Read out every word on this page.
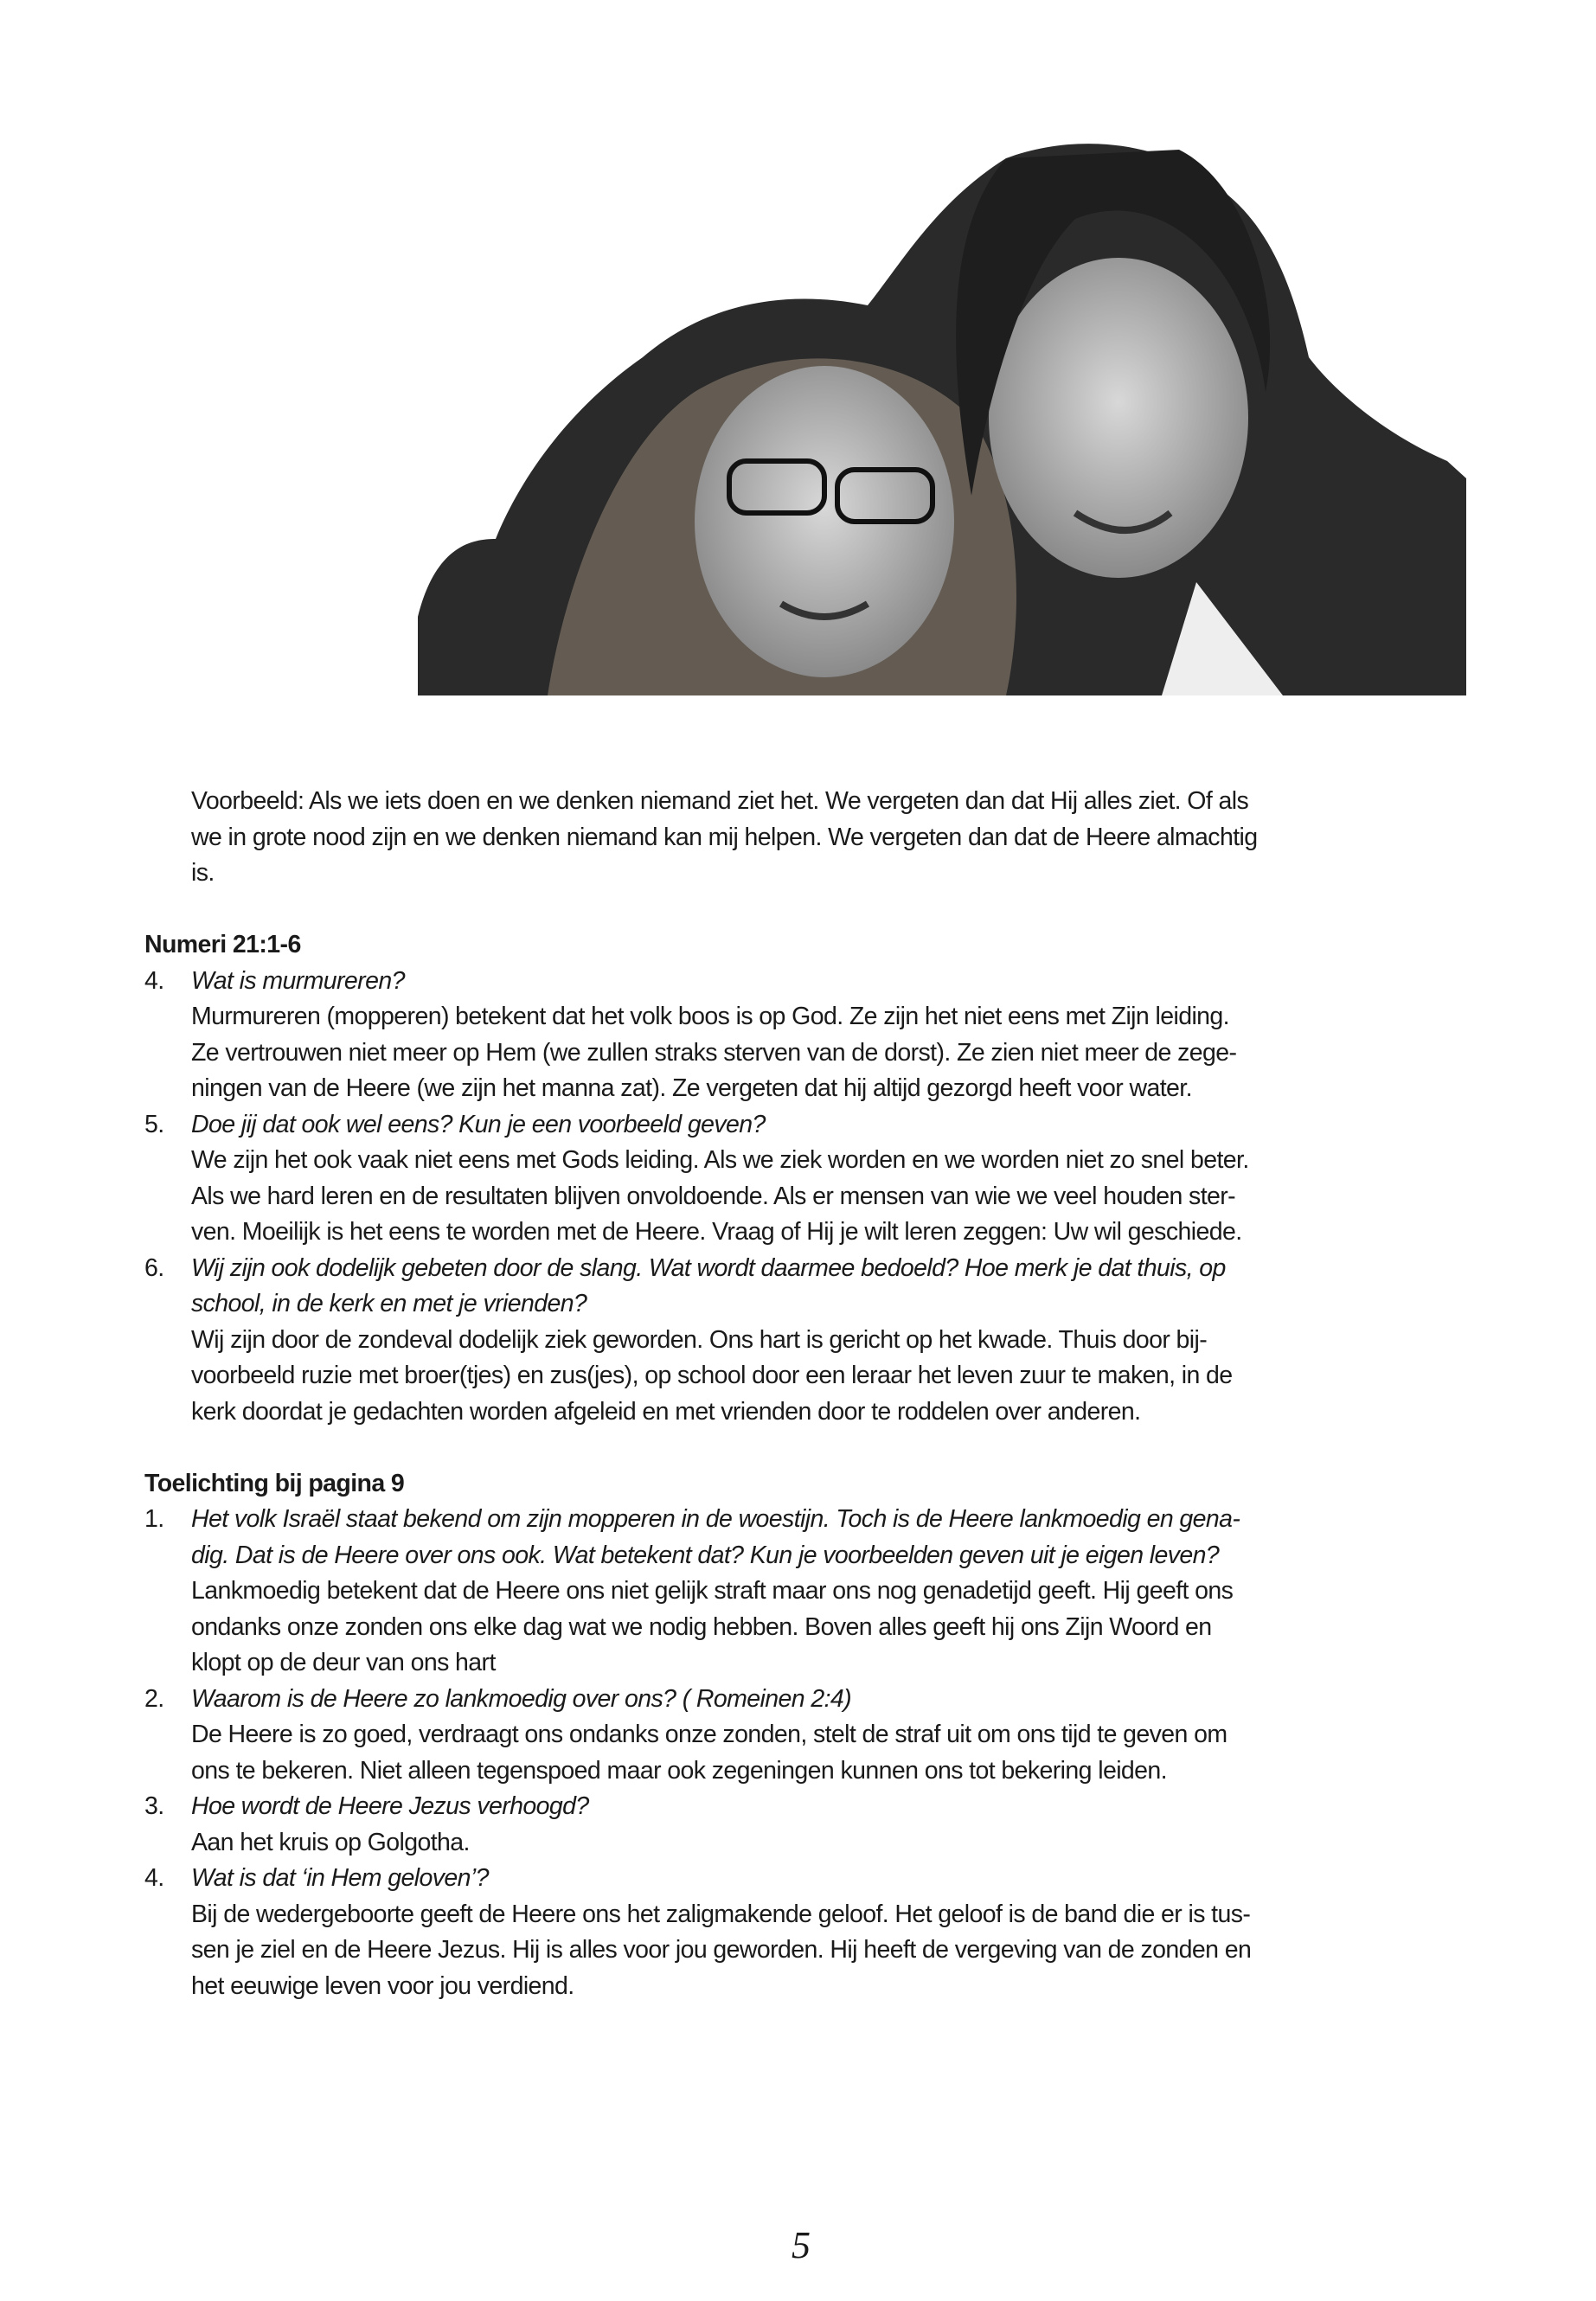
Voorbeeld: Als we iets doen en we denken niemand ziet het. We vergeten dan dat Hij alles ziet. Of als
we in grote nood zijn en we denken niemand kan mij helpen. We vergeten dan dat de Heere almachtig
is.
Numeri 21:1-6
4.	Wat is murmureren?
Murmureren (mopperen) betekent dat het volk boos is op God. Ze zijn het niet eens met Zijn leiding.
Ze vertrouwen niet meer op Hem (we zullen straks sterven van de dorst). Ze zien niet meer de zege-
ningen van de Heere (we zijn het manna zat). Ze vergeten dat hij altijd gezorgd heeft voor water.
5.	Doe jij dat ook wel eens? Kun je een voorbeeld geven?
We zijn het ook vaak niet eens met Gods leiding. Als we ziek worden en we worden niet zo snel beter.
Als we hard leren en de resultaten blijven onvoldoende. Als er mensen van wie we veel houden ster-
ven. Moeilijk is het eens te worden met de Heere. Vraag of Hij je wilt leren zeggen: Uw wil geschiede.
6.	Wij zijn ook dodelijk gebeten door de slang. Wat wordt daarmee bedoeld? Hoe merk je dat thuis, op
school, in de kerk en met je vrienden?
Wij zijn door de zondeval dodelijk ziek geworden. Ons hart is gericht op het kwade. Thuis door bij-
voorbeeld ruzie met broer(tjes) en zus(jes), op school door een leraar het leven zuur te maken, in de
kerk doordat je gedachten worden afgeleid en met vrienden door te roddelen over anderen.
Toelichting bij pagina 9
1.	Het volk Israël staat bekend om zijn mopperen in de woestijn. Toch is de Heere lankmoedig en gena-
dig. Dat is de Heere over ons ook. Wat betekent dat? Kun je voorbeelden geven uit je eigen leven?
Lankmoedig betekent dat de Heere ons niet gelijk straft maar ons nog genadetijd geeft. Hij geeft ons
ondanks onze zonden ons elke dag wat we nodig hebben. Boven alles geeft hij ons Zijn Woord en
klopt op de deur van ons hart
2.	Waarom is de Heere zo lankmoedig over ons? ( Romeinen 2:4)
De Heere is zo goed, verdraagt ons ondanks onze zonden, stelt de straf uit om ons tijd te geven om
ons te bekeren. Niet alleen tegenspoed maar ook zegeningen kunnen ons tot bekering leiden.
3.	Hoe wordt de Heere Jezus verhoogd?
Aan het kruis op Golgotha.
4.	Wat is dat ‘in Hem geloven’?
Bij de wedergeboorte geeft de Heere ons het zaligmakende geloof. Het geloof is de band die er is tus-
sen je ziel en de Heere Jezus. Hij is alles voor jou geworden. Hij heeft de vergeving van de zonden en
het eeuwige leven voor jou verdiend.
5
